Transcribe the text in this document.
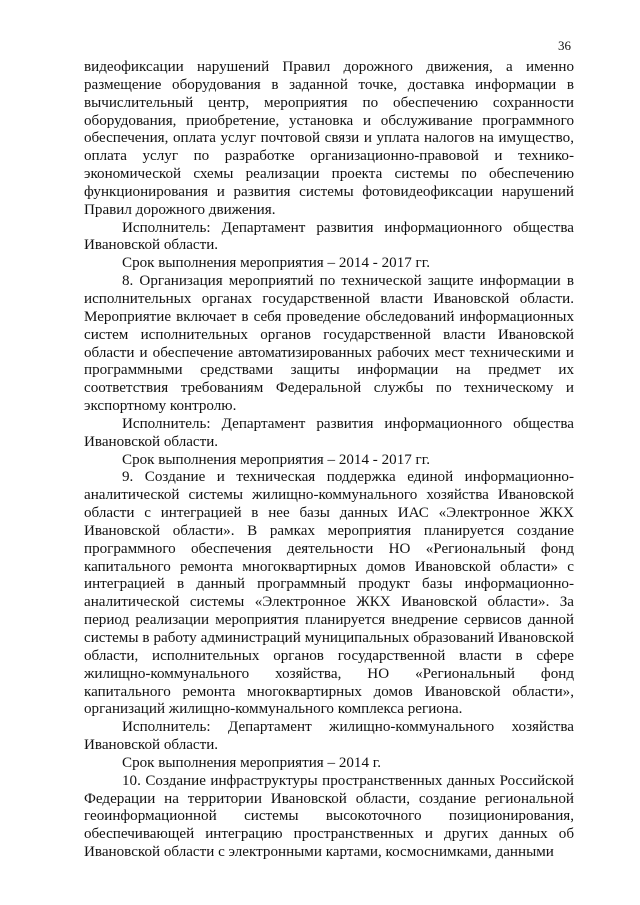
36

видеофиксации нарушений Правил дорожного движения, а именно размещение оборудования в заданной точке, доставка информации в вычислительный центр, мероприятия по обеспечению сохранности оборудования, приобретение, установка и обслуживание программного обеспечения, оплата услуг почтовой связи и уплата налогов на имущество, оплата услуг по разработке организационно-правовой и технико-экономической схемы реализации проекта системы по обеспечению функционирования и развития системы фотовидеофиксации нарушений Правил дорожного движения.

Исполнитель: Департамент развития информационного общества Ивановской области.

Срок выполнения мероприятия – 2014 - 2017 гг.

8. Организация мероприятий по технической защите информации в исполнительных органах государственной власти Ивановской области. Мероприятие включает в себя проведение обследований информационных систем исполнительных органов государственной власти Ивановской области и обеспечение автоматизированных рабочих мест техническими и программными средствами защиты информации на предмет их соответствия требованиям Федеральной службы по техническому и экспортному контролю.

Исполнитель: Департамент развития информационного общества Ивановской области.

Срок выполнения мероприятия – 2014 - 2017 гг.

9. Создание и техническая поддержка единой информационно-аналитической системы жилищно-коммунального хозяйства Ивановской области с интеграцией в нее базы данных ИАС «Электронное ЖКХ Ивановской области». В рамках мероприятия планируется создание программного обеспечения деятельности НО «Региональный фонд капитального ремонта многоквартирных домов Ивановской области» с интеграцией в данный программный продукт базы информационно-аналитической системы «Электронное ЖКХ Ивановской области». За период реализации мероприятия планируется внедрение сервисов данной системы в работу администраций муниципальных образований Ивановской области, исполнительных органов государственной власти в сфере жилищно-коммунального хозяйства, НО «Региональный фонд капитального ремонта многоквартирных домов Ивановской области», организаций жилищно-коммунального комплекса региона.

Исполнитель: Департамент жилищно-коммунального хозяйства Ивановской области.

Срок выполнения мероприятия – 2014 г.

10. Создание инфраструктуры пространственных данных Российской Федерации на территории Ивановской области, создание региональной геоинформационной системы высокоточного позиционирования, обеспечивающей интеграцию пространственных и других данных об Ивановской области с электронными картами, космоснимками, данными
